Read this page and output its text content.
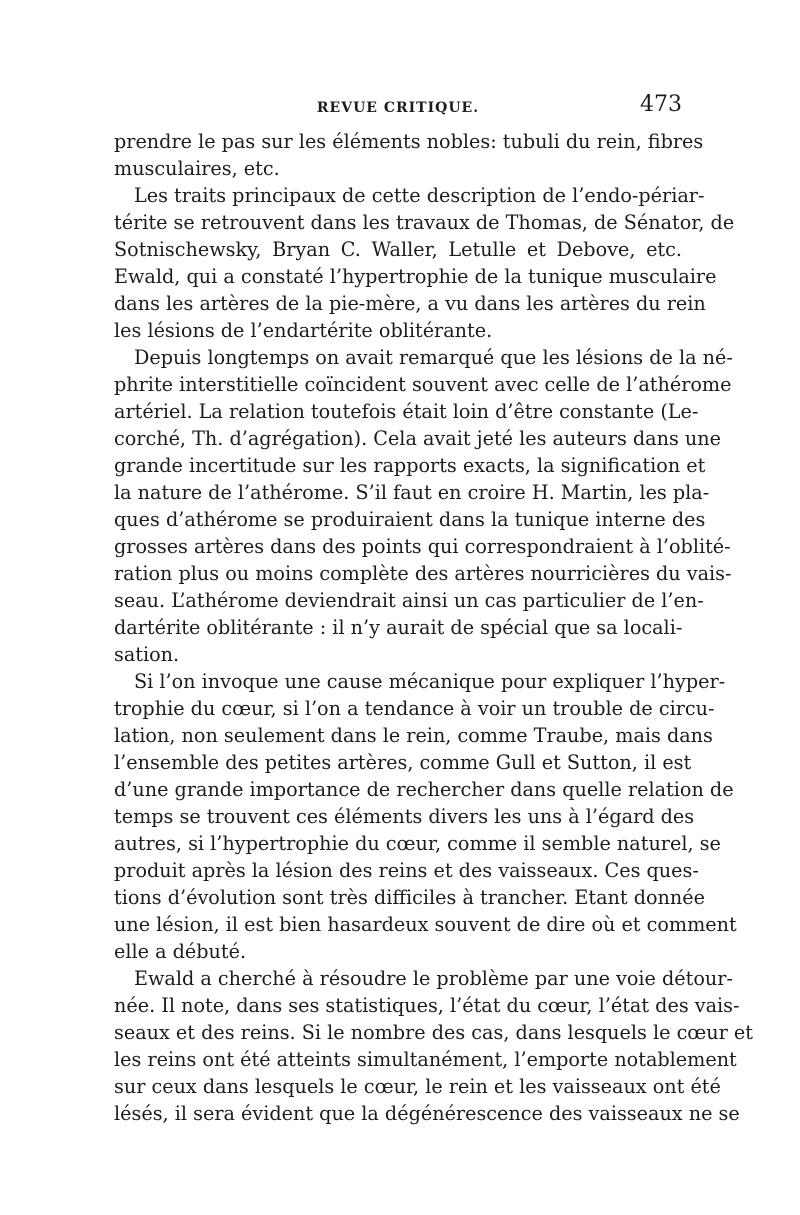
REVUE CRITIQUE.	473
prendre le pas sur les éléments nobles: tubuli du rein, fibres
musculaires, etc.
Les traits principaux de cette description de l’endo-périar-
térite se retrouvent dans les travaux de Thomas, de Sénator, de
Sotnischewsky, Bryan C. Waller, Letulle et Debove, etc.
Ewald, qui a constaté l’hypertrophie de la tunique musculaire
dans les artères de la pie-mère, a vu dans les artères du rein
les lésions de l’endartérite oblitérante.
Depuis longtemps on avait remarqué que les lésions de la né-
phrite interstitielle coïncident souvent avec celle de l’athérome
artériel. La relation toutefois était loin d’être constante (Le-
corché, Th. d’agrégation). Cela avait jeté les auteurs dans une
grande incertitude sur les rapports exacts, la signification et
la nature de l’athérome. S’il faut en croire H. Martin, les pla-
ques d’athérome se produiraient dans la tunique interne des
grosses artères dans des points qui correspondraient à l’oblité-
ration plus ou moins complète des artères nourricières du vais-
seau. L’athérome deviendrait ainsi un cas particulier de l’en-
dartérite oblitérante : il n’y aurait de spécial que sa locali-
sation.
Si l’on invoque une cause mécanique pour expliquer l’hyper-
trophie du cœur, si l’on a tendance à voir un trouble de circu-
lation, non seulement dans le rein, comme Traube, mais dans
l’ensemble des petites artères, comme Gull et Sutton, il est
d’une grande importance de rechercher dans quelle relation de
temps se trouvent ces éléments divers les uns à l’égard des
autres, si l’hypertrophie du cœur, comme il semble naturel, se
produit après la lésion des reins et des vaisseaux. Ces ques-
tions d’évolution sont très difficiles à trancher. Etant donnée
une lésion, il est bien hasardeux souvent de dire où et comment
elle a débuté.
Ewald a cherché à résoudre le problème par une voie détour-
née. Il note, dans ses statistiques, l’état du cœur, l’état des vais-
seaux et des reins. Si le nombre des cas, dans lesquels le cœur et
les reins ont été atteints simultanément, l’emporte notablement
sur ceux dans lesquels le cœur, le rein et les vaisseaux ont été
lésés, il sera évident que la dégénérescence des vaisseaux ne se
